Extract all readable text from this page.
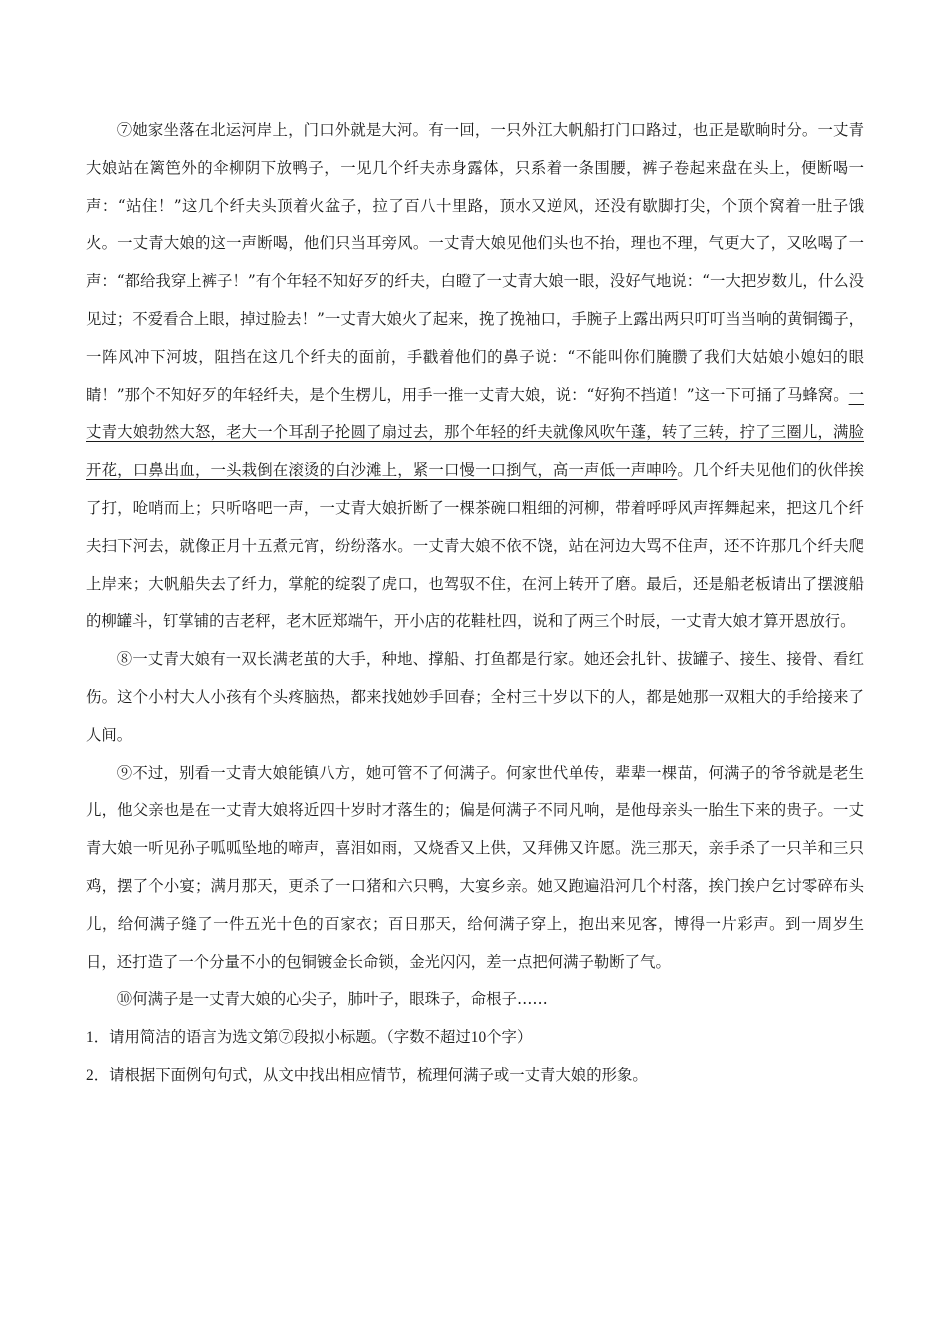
⑦她家坐落在北运河岸上，门口外就是大河。有一回，一只外江大帆船打门口路过，也正是歇晌时分。一丈青大娘站在篱笆外的伞柳阴下放鸭子，一见几个纤夫赤身露体，只系着一条围腰，裤子卷起来盘在头上，便断喝一声：“站住！”这几个纤夫头顶着火盆子，拉了百八十里路，顶水又逆风，还没有歇脚打尖，个顶个窝着一肚子饿火。一丈青大娘的这一声断喝，他们只当耳旁风。一丈青大娘见他们头也不抬，理也不理，气更大了，又吆喝了一声：“都给我穿上裤子！”有个年轻不知好歹的纤夫，白瞪了一丈青大娘一眼，没好气地说：“一大把岁数儿，什么没见过；不爱看合上眼，掉过脸去！”一丈青大娘火了起来，挽了挽袖口，手腕子上露出两只叮叮当当响的黄铜镯子，一阵风冲下河坡，阻挡在这几个纤夫的面前，手戳着他们的鼻子说：“不能叫你们腌臜了我们大姑娘小媳妇的眼睛！”那个不知好歹的年轻纤夫，是个生楞儿，用手一推一丈青大娘，说：“好狗不挡道！”这一下可捅了马蜂窝。一丈青大娘勃然大怒，老大一个耳刮子抡圆了扇过去，那个年轻的纤夫就像风吹午蓬，转了三转，拧了三圈儿，满脸开花，口鼻出血，一头栽倒在滚烫的白沙滩上，紧一口慢一口捯气，高一声低一声呻吟。几个纤夫见他们的伙伴挨了打，呛哨而上；只听咯吧一声，一丈青大娘折断了一棵茶碗口粗细的河柳，带着呼呼风声挥舞起来，把这几个纤夫扫下河去，就像正月十五煮元宵，纷纷落水。一丈青大娘不依不饶，站在河边大骂不住声，还不许那几个纤夫爬上岸来；大帆船失去了纤力，掌舵的绽裂了虎口，也驾驭不住，在河上转开了磨。最后，还是船老板请出了摆渡船的柳罐斗，钉掌铺的吉老秤，老木匠郑端午，开小店的花鞋杜四，说和了两三个时辰，一丈青大娘才算开恩放行。

⑧一丈青大娘有一双长满老茧的大手，种地、撑船、打鱼都是行家。她还会扎针、拔罐子、接生、接骨、看红伤。这个小村大人小孩有个头疼脑热，都来找她妙手回春；全村三十岁以下的人，都是她那一双粗大的手给接来了人间。

⑨不过，别看一丈青大娘能镇八方，她可管不了何满子。何家世代单传，辈辈一棵苗，何满子的爷爷就是老生儿，他父亲也是在一丈青大娘将近四十岁时才落生的；偏是何满子不同凡响，是他母亲头一胎生下来的贵子。一丈青大娘一听见孙子呱呱坠地的啼声，喜泪如雨，又烧香又上供，又拜佛又许愿。洗三那天，亲手杀了一只羊和三只鸡，摆了个小宴；满月那天，更杀了一口猪和六只鸭，大宴乡亲。她又跑遍沿河几个村落，挨门挨户乞讨零碎布头儿，给何满子缝了一件五光十色的百家衣；百日那天，给何满子穿上，抱出来见客，博得一片彩声。到一周岁生日，还打造了一个分量不小的包铜镀金长命锁，金光闪闪，差一点把何满子勒断了气。

⑩何满子是一丈青大娘的心尖子，肺叶子，眼珠子，命根子……

1．请用简洁的语言为选文第⑦段拟小标题。（字数不超过10个字）

2．请根据下面例句句式，从文中找出相应情节，梳理何满子或一丈青大娘的形象。
